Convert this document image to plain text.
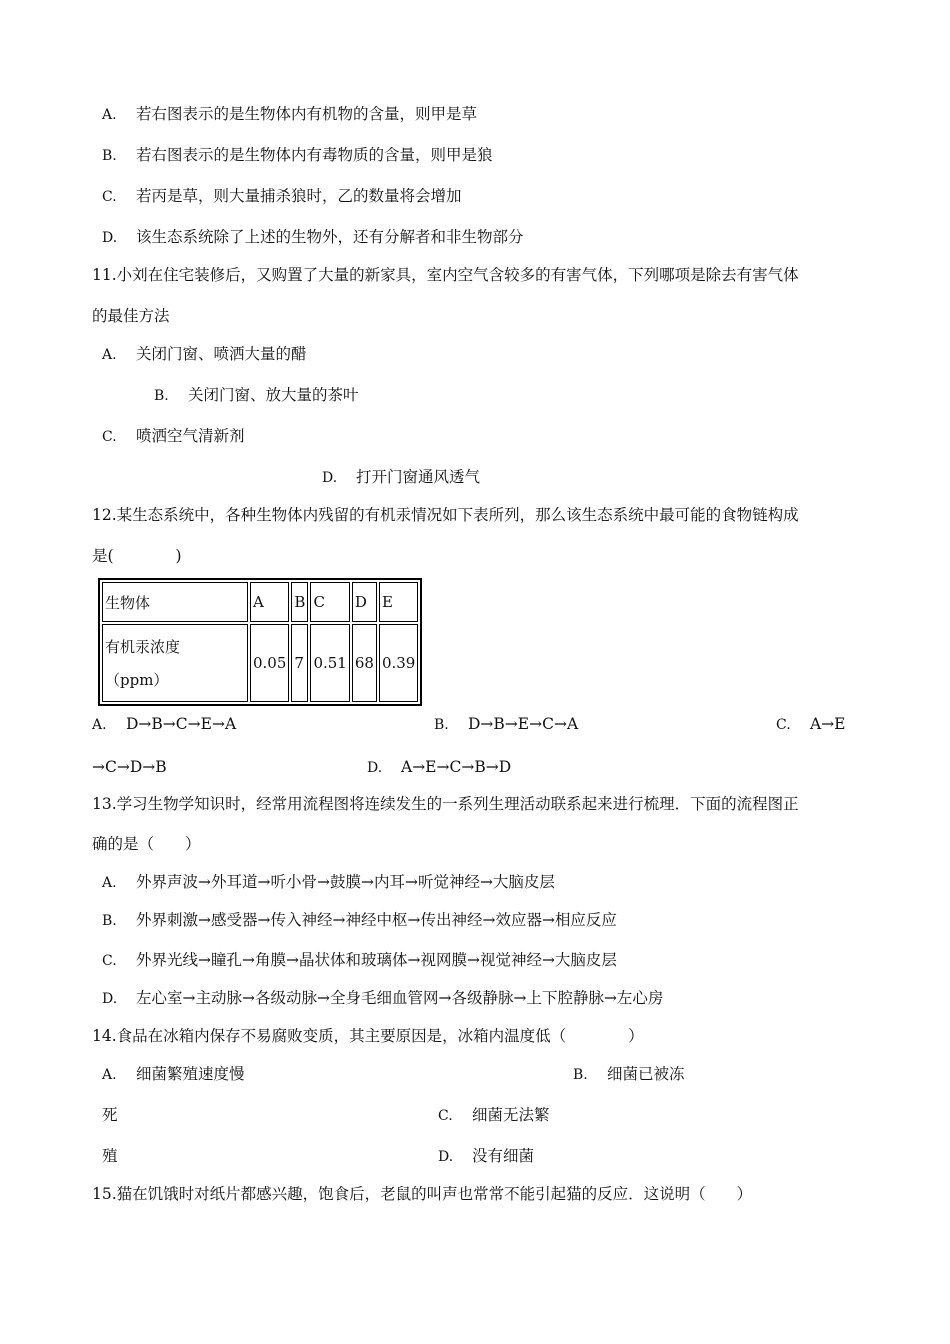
A. 若右图表示的是生物体内有机物的含量，则甲是草
B. 若右图表示的是生物体内有毒物质的含量，则甲是狼
C. 若丙是草，则大量捕杀狼时，乙的数量将会增加
D. 该生态系统除了上述的生物外，还有分解者和非生物部分
11.小刘在住宅装修后，又购置了大量的新家具，室内空气含较多的有害气体，下列哪项是除去有害气体
的最佳方法
A. 关闭门窗、喷洒大量的醋
B. 关闭门窗、放大量的茶叶
C. 喷洒空气清新剂
D. 打开门窗通风透气
12.某生态系统中，各种生物体内残留的有机汞情况如下表所列，那么该生态系统中最可能的食物链构成
是(　　　　)
生物体	A	B	C	D	E
有机汞浓度
（ppm）	0.05	7	0.51	68	0.39
A. D→B→C→E→A	B. D→B→E→C→A	C. A→E
→C→D→B	D. A→E→C→B→D
13.学习生物学知识时，经常用流程图将连续发生的一系列生理活动联系起来进行梳理．下面的流程图正
确的是（　　）
A. 外界声波→外耳道→听小骨→鼓膜→内耳→听觉神经→大脑皮层
B. 外界刺激→感受器→传入神经→神经中枢→传出神经→效应器→相应反应
C. 外界光线→瞳孔→角膜→晶状体和玻璃体→视网膜→视觉神经→大脑皮层
D. 左心室→主动脉→各级动脉→全身毛细血管网→各级静脉→上下腔静脉→左心房
14.食品在冰箱内保存不易腐败变质，其主要原因是，冰箱内温度低（　　　　）
A. 细菌繁殖速度慢	B. 细菌已被冻
死	C. 细菌无法繁
殖	D. 没有细菌
15.猫在饥饿时对纸片都感兴趣，饱食后，老鼠的叫声也常常不能引起猫的反应．这说明（　　）
